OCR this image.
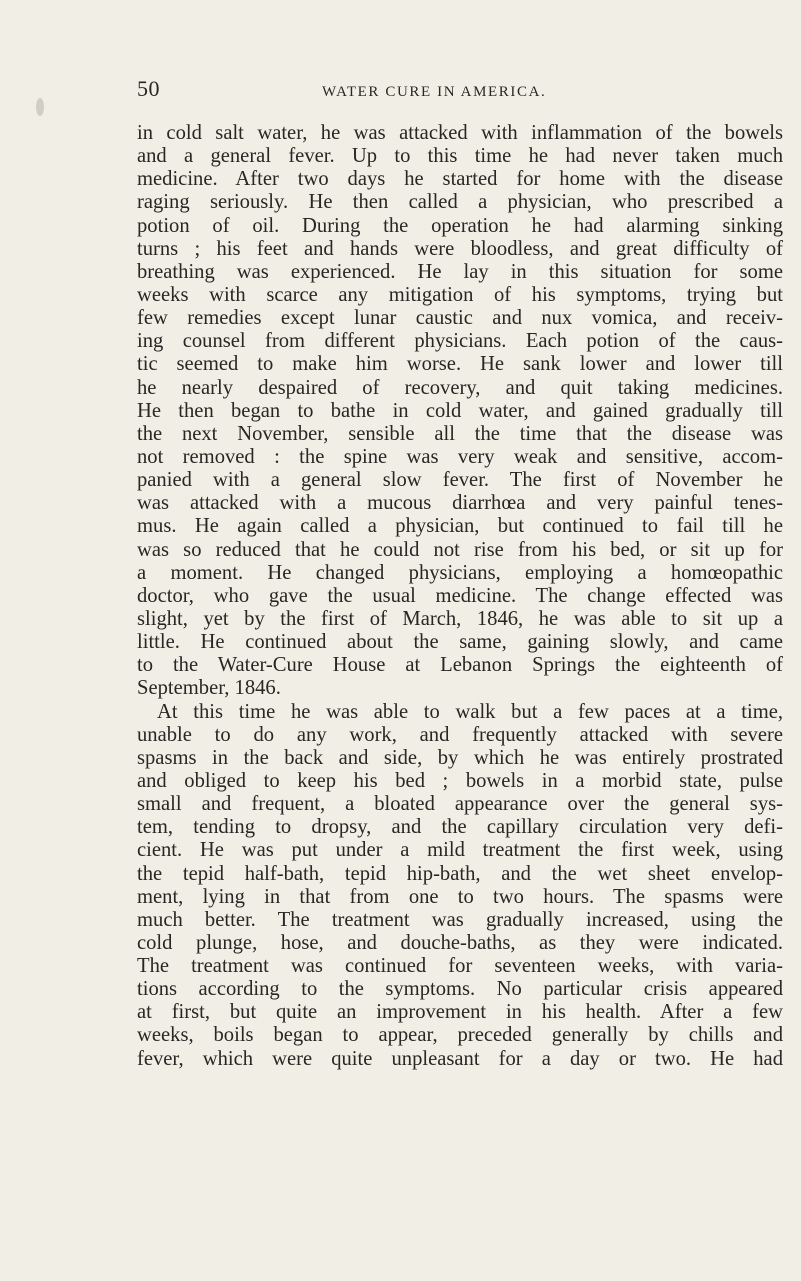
50	WATER CURE IN AMERICA.
in cold salt water, he was attacked with inflammation of the bowels
and a general fever. Up to this time he had never taken much
medicine. After two days he started for home with the disease
raging seriously. He then called a physician, who prescribed a
potion of oil. During the operation he had alarming sinking
turns ; his feet and hands were bloodless, and great difficulty of
breathing was experienced. He lay in this situation for some
weeks with scarce any mitigation of his symptoms, trying but
few remedies except lunar caustic and nux vomica, and receiv-
ing counsel from different physicians. Each potion of the caus-
tic seemed to make him worse. He sank lower and lower till
he nearly despaired of recovery, and quit taking medicines.
He then began to bathe in cold water, and gained gradually till
the next November, sensible all the time that the disease was
not removed : the spine was very weak and sensitive, accom-
panied with a general slow fever. The first of November he
was attacked with a mucous diarrhœa and very painful tenes-
mus. He again called a physician, but continued to fail till he
was so reduced that he could not rise from his bed, or sit up for
a moment. He changed physicians, employing a homœopathic
doctor, who gave the usual medicine. The change effected was
slight, yet by the first of March, 1846, he was able to sit up a
little. He continued about the same, gaining slowly, and came
to the Water-Cure House at Lebanon Springs the eighteenth of
September, 1846.
At this time he was able to walk but a few paces at a time,
unable to do any work, and frequently attacked with severe
spasms in the back and side, by which he was entirely prostrated
and obliged to keep his bed ; bowels in a morbid state, pulse
small and frequent, a bloated appearance over the general sys-
tem, tending to dropsy, and the capillary circulation very defi-
cient. He was put under a mild treatment the first week, using
the tepid half-bath, tepid hip-bath, and the wet sheet envelop-
ment, lying in that from one to two hours. The spasms were
much better. The treatment was gradually increased, using the
cold plunge, hose, and douche-baths, as they were indicated.
The treatment was continued for seventeen weeks, with varia-
tions according to the symptoms. No particular crisis appeared
at first, but quite an improvement in his health. After a few
weeks, boils began to appear, preceded generally by chills and
fever, which were quite unpleasant for a day or two. He had
